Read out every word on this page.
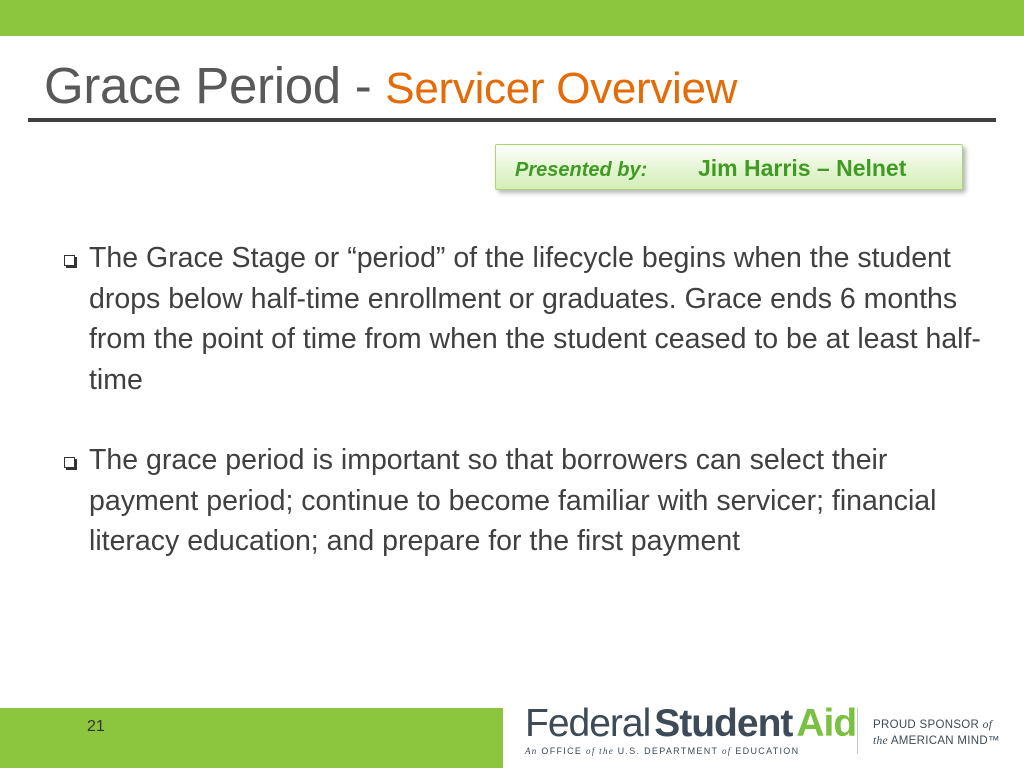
Grace Period - Servicer Overview
Presented by: Jim Harris – Nelnet
The Grace Stage or “period” of the lifecycle begins when the student drops below half-time enrollment or graduates. Grace ends 6 months from the point of time from when the student ceased to be at least half-time
The grace period is important so that borrowers can select their payment period; continue to become familiar with servicer; financial literacy education; and prepare for the first payment
21	Federal Student Aid
An OFFICE of the U.S. DEPARTMENT of EDUCATION
PROUD SPONSOR of
the AMERICAN MIND™
